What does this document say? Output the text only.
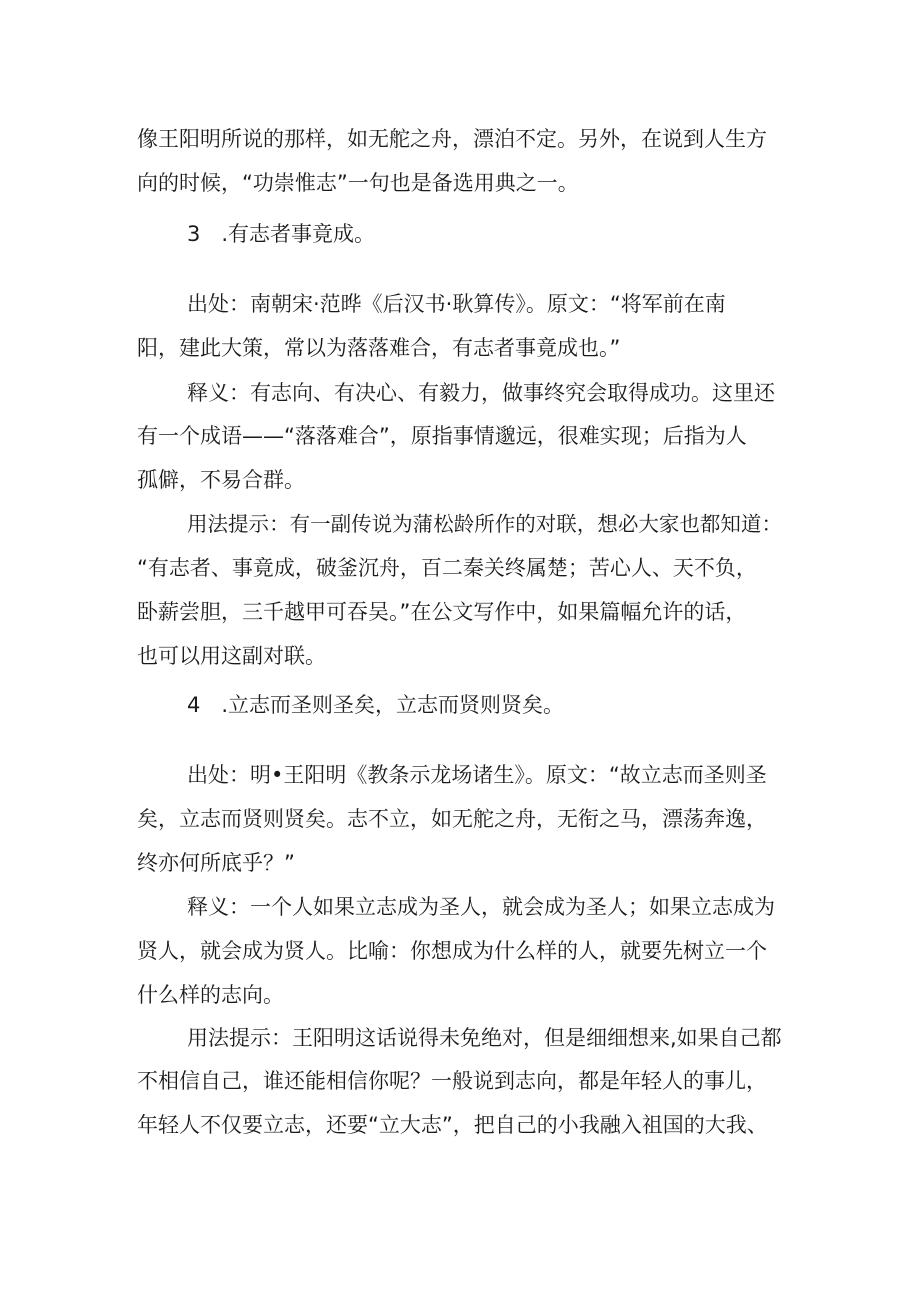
像王阳明所说的那样，如无舵之舟，漂泊不定。另外，在说到人生方
向的时候，“功崇惟志”一句也是备选用典之一。
3　.有志者事竟成。
出处：南朝宋·范晔《后汉书·耿算传》。原文：“将军前在南
阳，建此大策，常以为落落难合，有志者事竟成也。”
释义：有志向、有决心、有毅力，做事终究会取得成功。这里还
有一个成语——“落落难合”，原指事情邈远，很难实现；后指为人
孤僻，不易合群。
用法提示：有一副传说为蒲松龄所作的对联，想必大家也都知道：
“有志者、事竟成，破釜沉舟，百二秦关终属楚；苦心人、天不负，
卧薪尝胆，三千越甲可吞吴。”在公文写作中，如果篇幅允许的话，
也可以用这副对联。
4　.立志而圣则圣矣，立志而贤则贤矣。
出处：明•王阳明《教条示龙场诸生》。原文：“故立志而圣则圣
矣，立志而贤则贤矣。志不立，如无舵之舟，无衔之马，漂荡奔逸，
终亦何所底乎？”
释义：一个人如果立志成为圣人，就会成为圣人；如果立志成为
贤人，就会成为贤人。比喻：你想成为什么样的人，就要先树立一个
什么样的志向。
用法提示：王阳明这话说得未免绝对，但是细细想来,如果自己都
不相信自己，谁还能相信你呢？一般说到志向，都是年轻人的事儿，
年轻人不仅要立志，还要“立大志”，把自己的小我融入祖国的大我、
